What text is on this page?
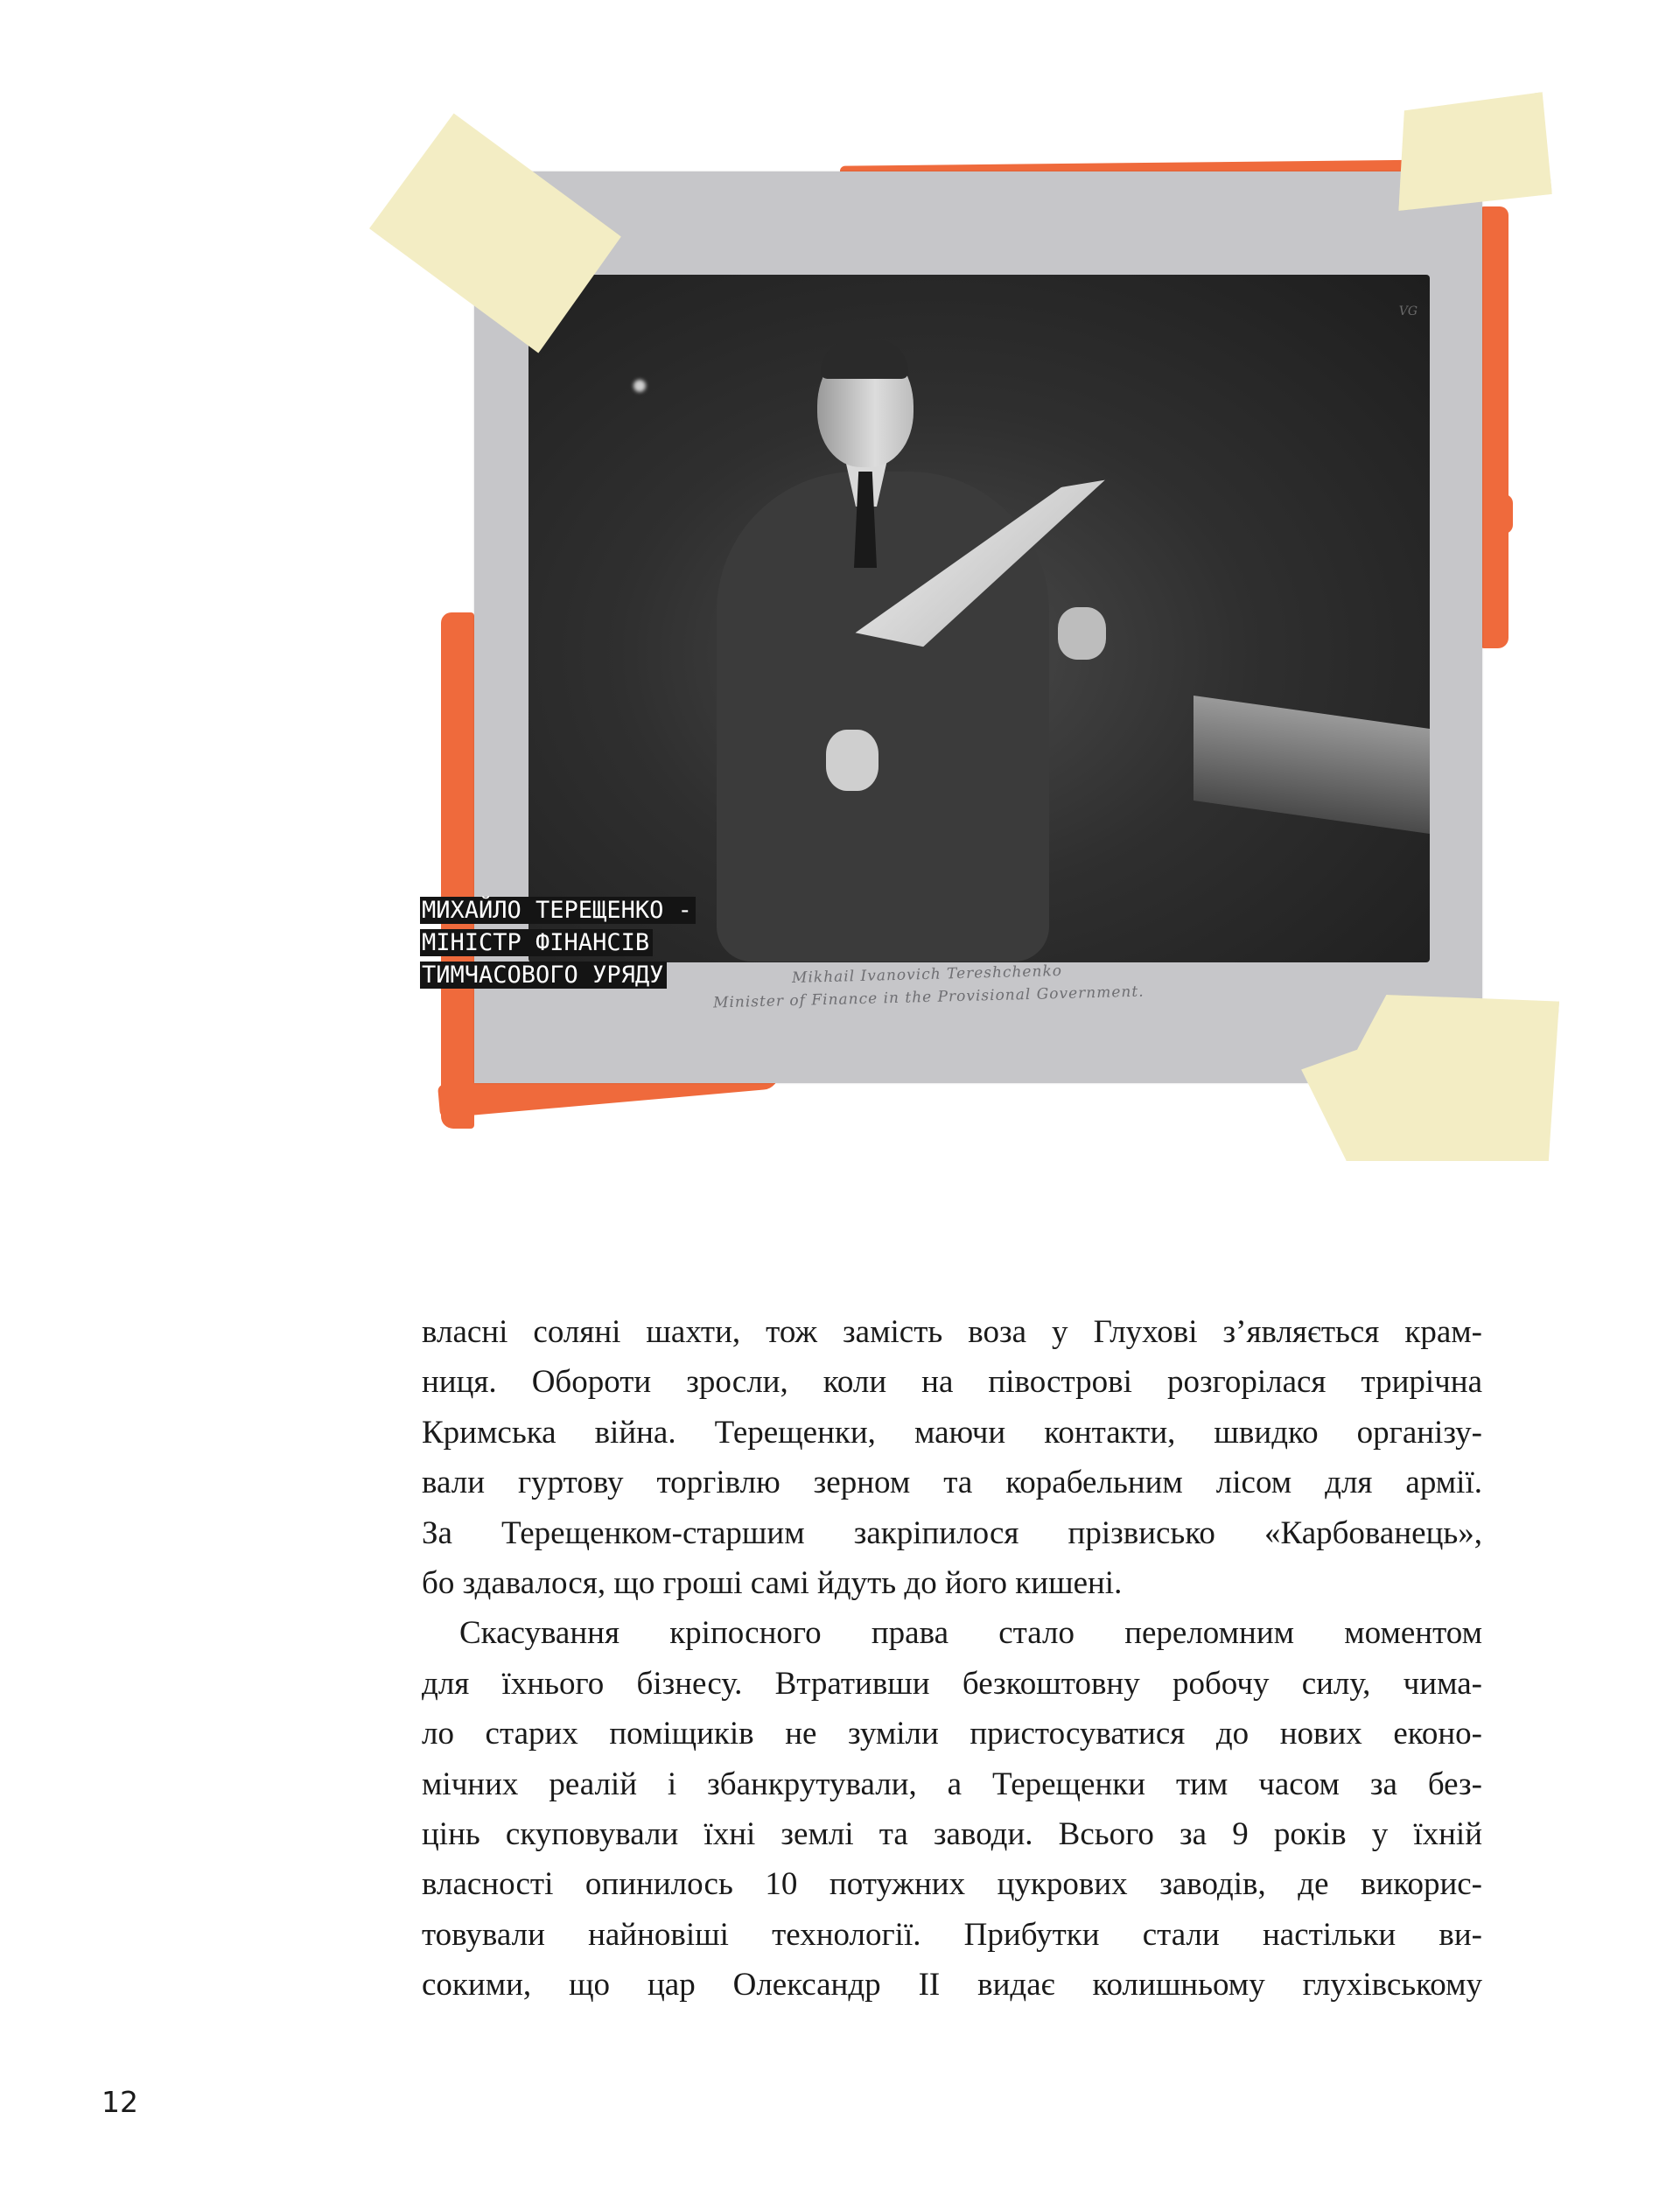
VG
Mikhail Ivanovich Tereshchenko
Minister of Finance in the Provisional Government.
МИХАЙЛО ТЕРЕЩЕНКО -
МІНІСТР ФІНАНСІВ
ТИМЧАСОВОГО УРЯДУ
власні соляні шахти, тож замість воза у Глухові з’являється крам-
ниця. Обороти зросли, коли на півострові розгорілася трирічна
Кримська війна. Терещенки, маючи контакти, швидко організу-
вали гуртову торгівлю зерном та корабельним лісом для армії.
За Терещенком-старшим закріпилося прізвисько «Карбованець»,
бо здавалося, що гроші самі йдуть до його кишені.
Скасування кріпосного права стало переломним моментом
для їхнього бізнесу. Втративши безкоштовну робочу силу, чима-
ло старих поміщиків не зуміли пристосуватися до нових еконо-
мічних реалій і збанкрутували, а Терещенки тим часом за без-
цінь скуповували їхні землі та заводи. Всього за 9 років у їхній
власності опинилось 10 потужних цукрових заводів, де викорис-
товували найновіші технології. Прибутки стали настільки ви-
сокими, що цар Олександр II видає колишньому глухівському
12
